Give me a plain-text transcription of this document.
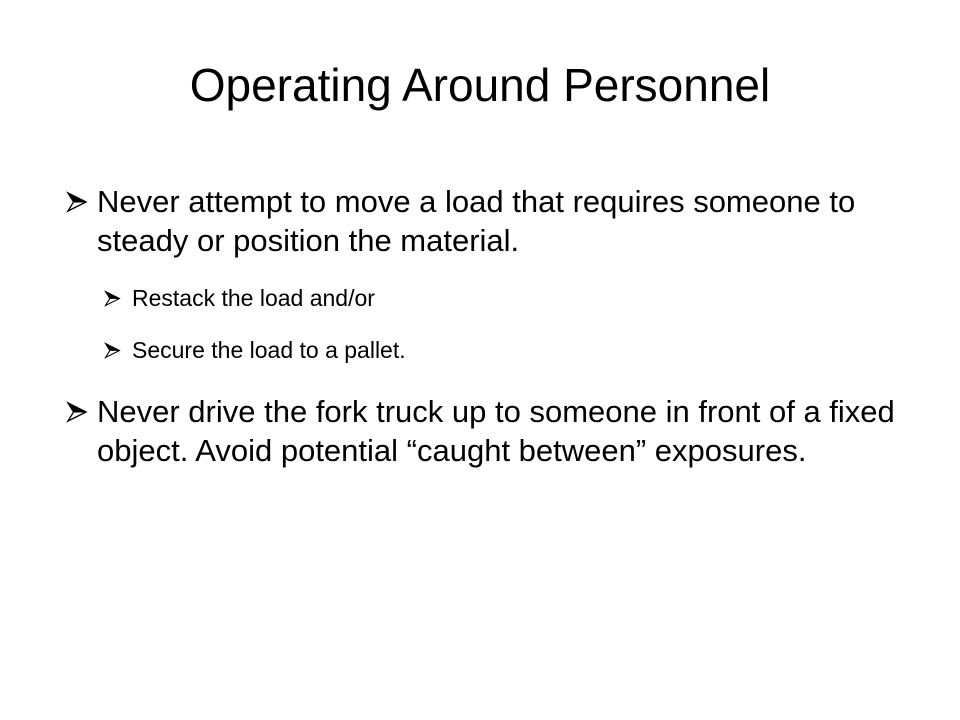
Operating Around Personnel
Never attempt to move a load that requires someone to steady or position the material.
Restack the load and/or
Secure the load to a pallet.
Never drive the fork truck up to someone in front of a fixed object. Avoid potential “caught between” exposures.
